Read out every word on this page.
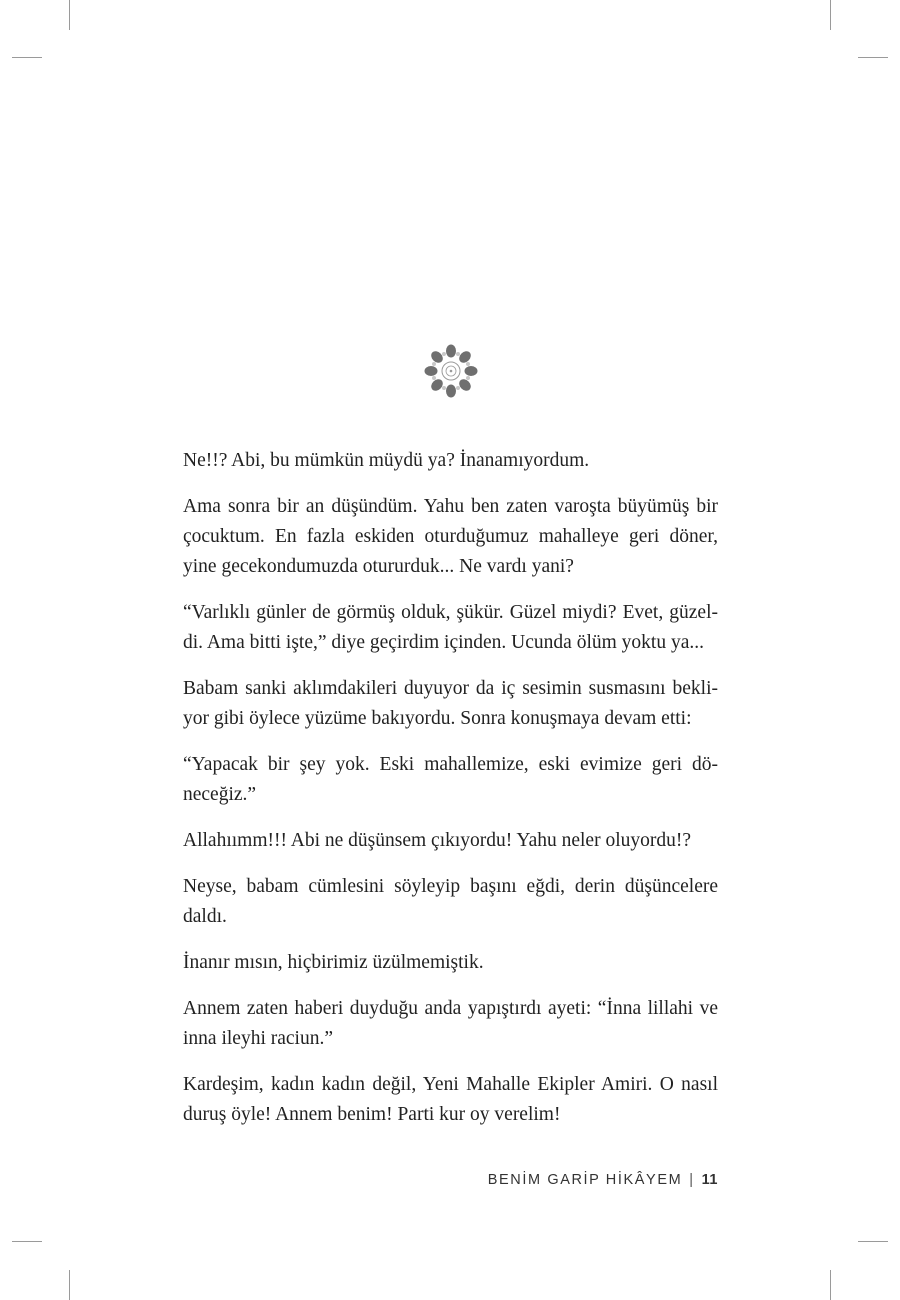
Ne!!? Abi, bu mümkün müydü ya? İnanamıyordum.

Ama sonra bir an düşündüm. Yahu ben zaten varoşta büyümüş bir çocuktum. En fazla eskiden oturduğumuz mahalleye geri döner, yine gecekondumuzda otururduk... Ne vardı yani?

“Varlıklı günler de görmüş olduk, şükür. Güzel miydi? Evet, güzeldi. Ama bitti işte,” diye geçirdim içinden. Ucunda ölüm yoktu ya...

Babam sanki aklımdakileri duyuyor da iç sesimin susmasını bekliyor gibi öylece yüzüme bakıyordu. Sonra konuşmaya devam etti:

“Yapacak bir şey yok. Eski mahallemize, eski evimize geri döneceğiz.”

Allahıımm!!! Abi ne düşünsem çıkıyordu! Yahu neler oluyordu!?

Neyse, babam cümlesini söyleyip başını eğdi, derin düşüncelere daldı.

İnanır mısın, hiçbirimiz üzülmemiştik.

Annem zaten haberi duyduğu anda yapıştırdı ayeti: “İnna lillahi ve inna ileyhi raciun.”

Kardeşim, kadın kadın değil, Yeni Mahalle Ekipler Amiri. O nasıl duruş öyle! Annem benim! Parti kur oy verelim!

BENİM GARİP HİKÂYEM | 11
